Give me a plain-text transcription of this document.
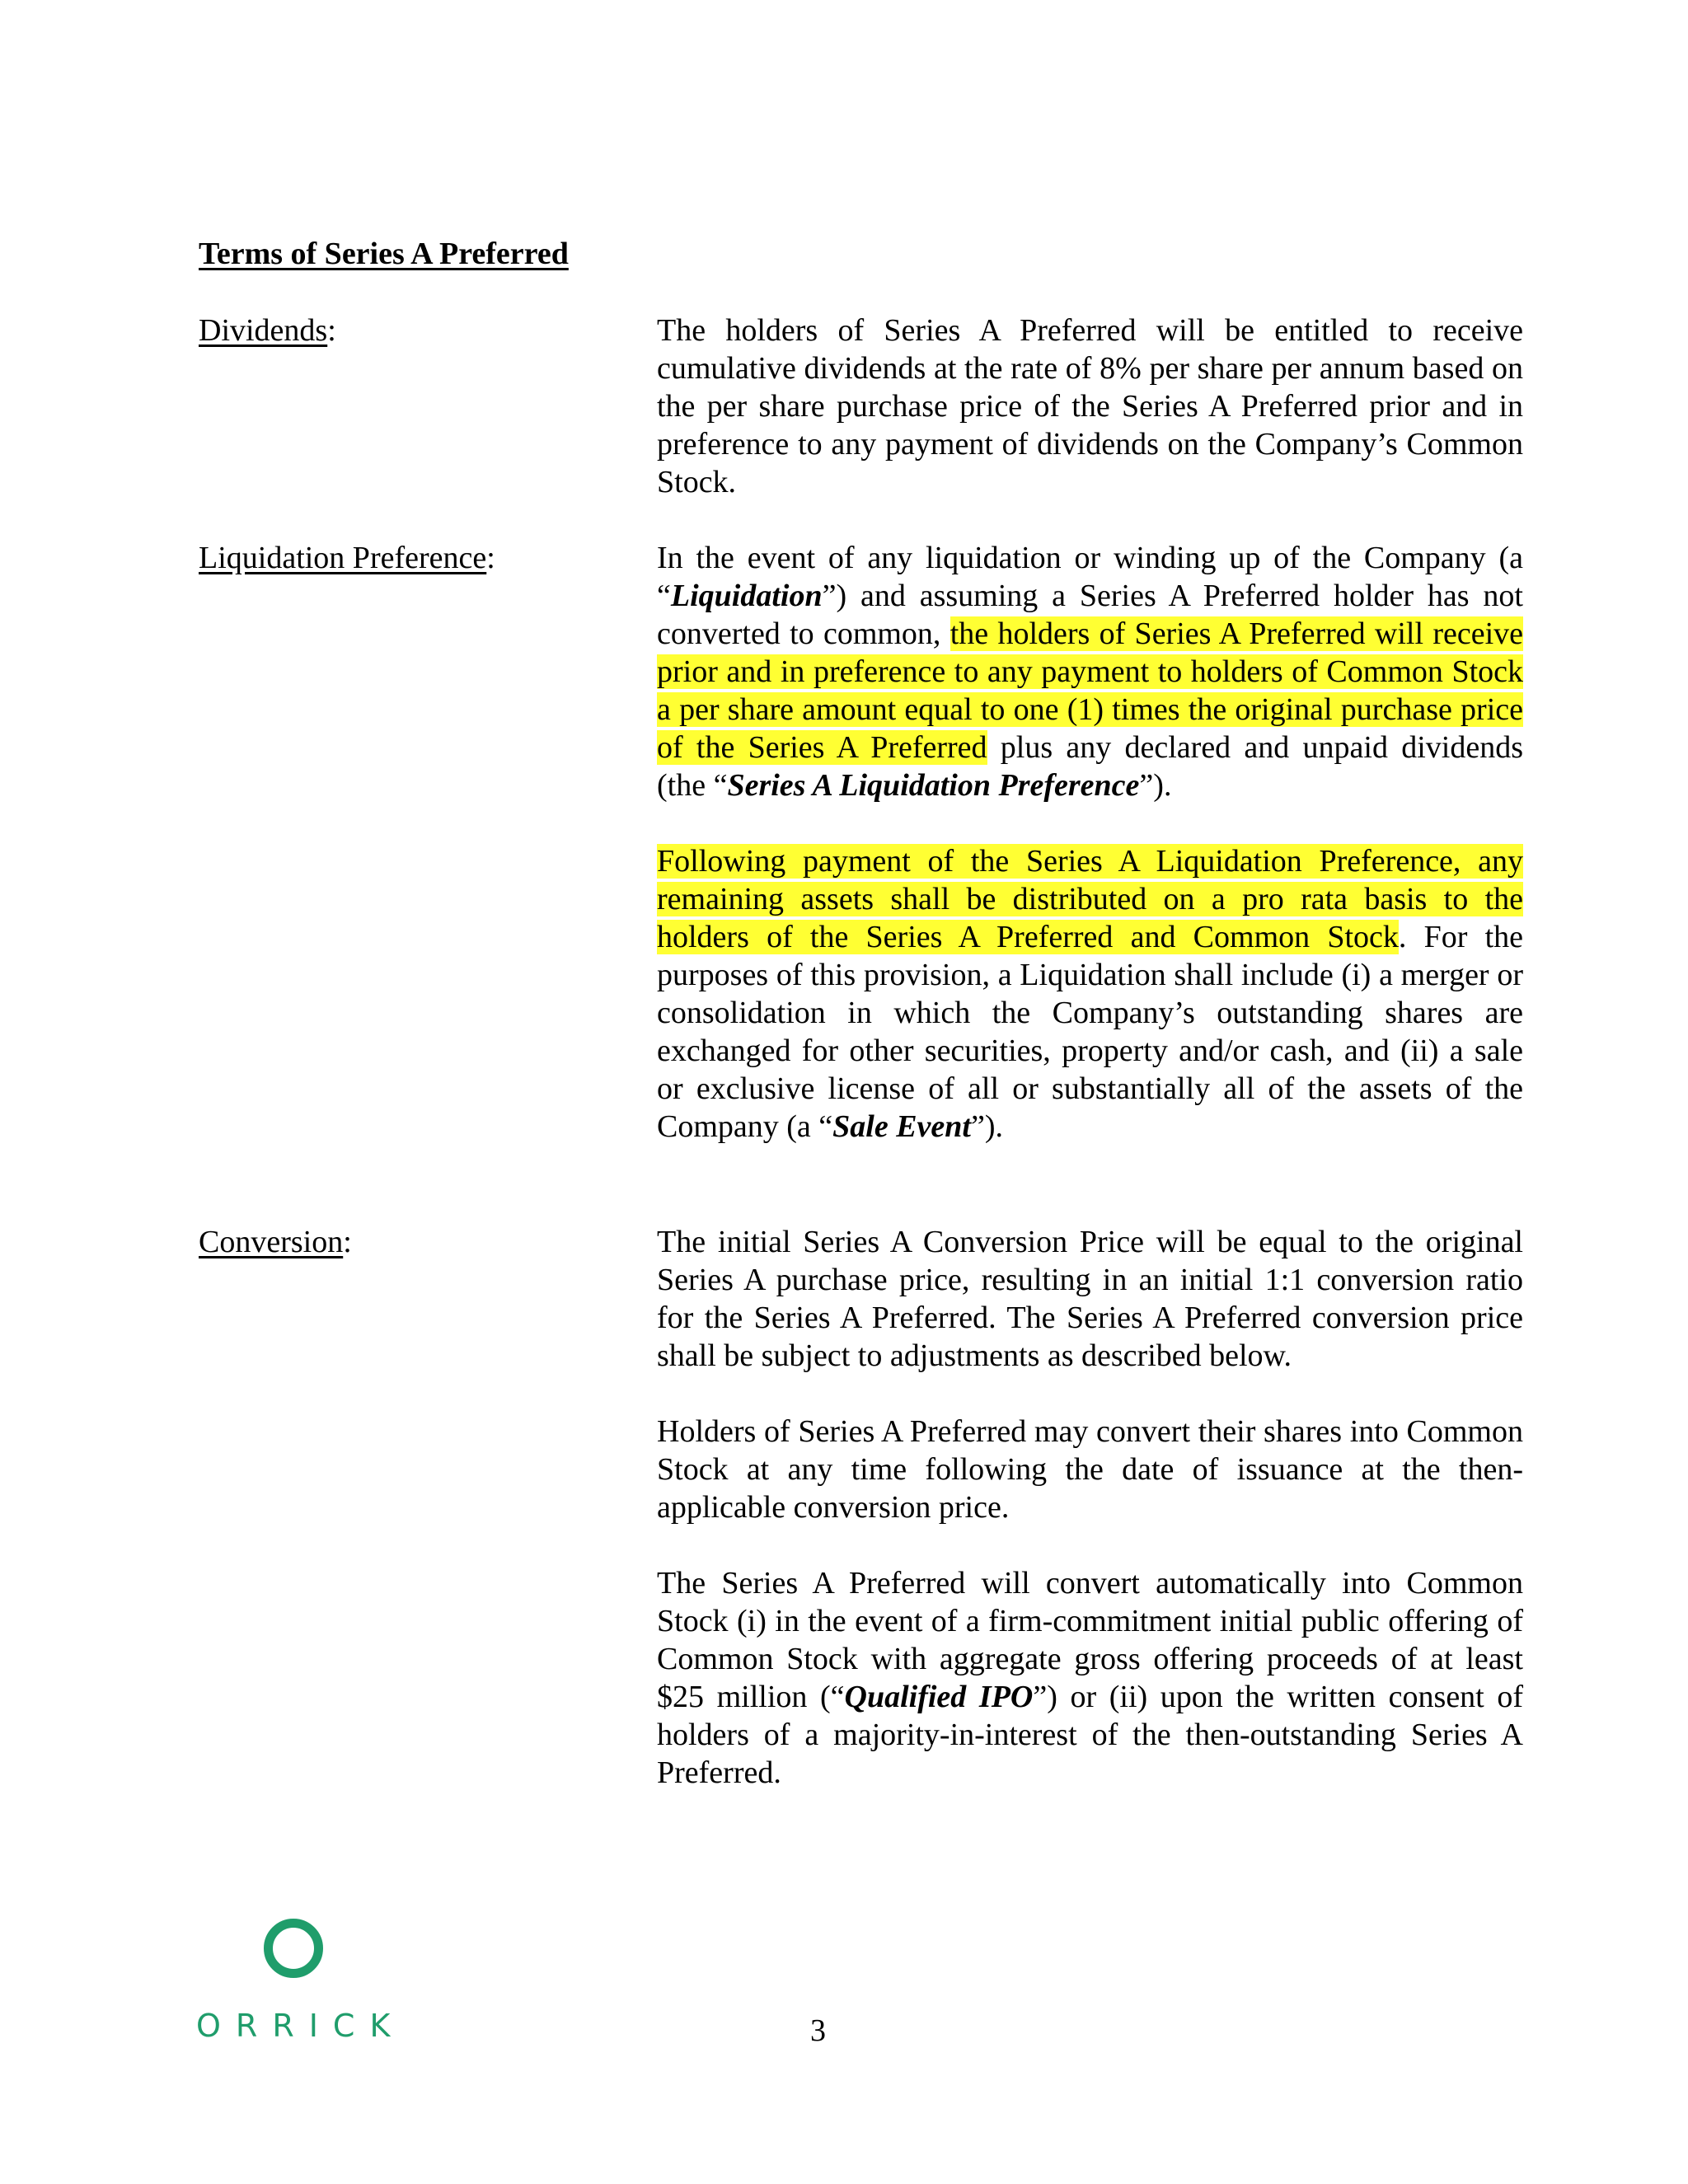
Terms of Series A Preferred
Dividends:	The holders of Series A Preferred will be entitled to receive cumulative dividends at the rate of 8% per share per annum based on the per share purchase price of the Series A Preferred prior and in preference to any payment of dividends on the Company’s Common Stock.

Liquidation Preference:	In the event of any liquidation or winding up of the Company (a “Liquidation”) and assuming a Series A Preferred holder has not converted to common, the holders of Series A Preferred will receive prior and in preference to any payment to holders of Common Stock a per share amount equal to one (1) times the original purchase price of the Series A Preferred plus any declared and unpaid dividends (the “Series A Liquidation Preference”).

Following payment of the Series A Liquidation Preference, any remaining assets shall be distributed on a pro rata basis to the holders of the Series A Preferred and Common Stock. For the purposes of this provision, a Liquidation shall include (i) a merger or consolidation in which the Company’s outstanding shares are exchanged for other securities, property and/or cash, and (ii) a sale or exclusive license of all or substantially all of the assets of the Company (a “Sale Event”).

Conversion:	The initial Series A Conversion Price will be equal to the original Series A purchase price, resulting in an initial 1:1 conversion ratio for the Series A Preferred. The Series A Preferred conversion price shall be subject to adjustments as described below.

Holders of Series A Preferred may convert their shares into Common Stock at any time following the date of issuance at the then-applicable conversion price.

The Series A Preferred will convert automatically into Common Stock (i) in the event of a firm-commitment initial public offering of Common Stock with aggregate gross offering proceeds of at least $25 million (“Qualified IPO”) or (ii) upon the written consent of holders of a majority-in-interest of the then-outstanding Series A Preferred.

ORRICK	3
